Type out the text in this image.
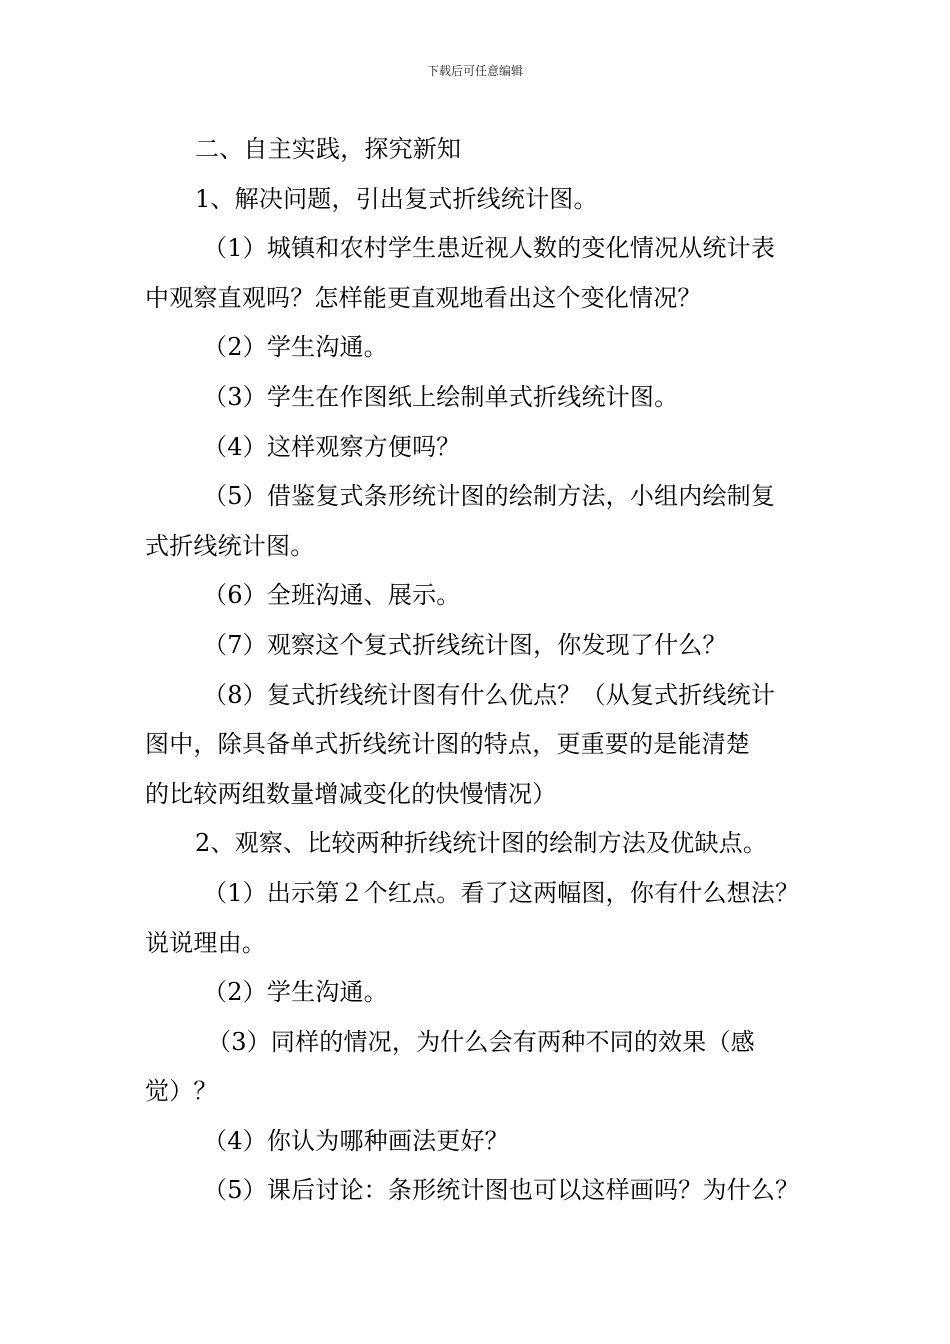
下载后可任意编辑
二、自主实践，探究新知
1、解决问题，引出复式折线统计图。
（1）城镇和农村学生患近视人数的变化情况从统计表
中观察直观吗？怎样能更直观地看出这个变化情况？
（2）学生沟通。
（3）学生在作图纸上绘制单式折线统计图。
（4）这样观察方便吗？
（5）借鉴复式条形统计图的绘制方法，小组内绘制复
式折线统计图。
（6）全班沟通、展示。
（7）观察这个复式折线统计图，你发现了什么？
（8）复式折线统计图有什么优点？（从复式折线统计
图中，除具备单式折线统计图的特点，更重要的是能清楚
的比较两组数量增减变化的快慢情况）
2、观察、比较两种折线统计图的绘制方法及优缺点。
（1）出示第２个红点。看了这两幅图，你有什么想法？
说说理由。
（2）学生沟通。
（3）同样的情况，为什么会有两种不同的效果（感
觉）？
（4）你认为哪种画法更好？
（5）课后讨论：条形统计图也可以这样画吗？为什么？
